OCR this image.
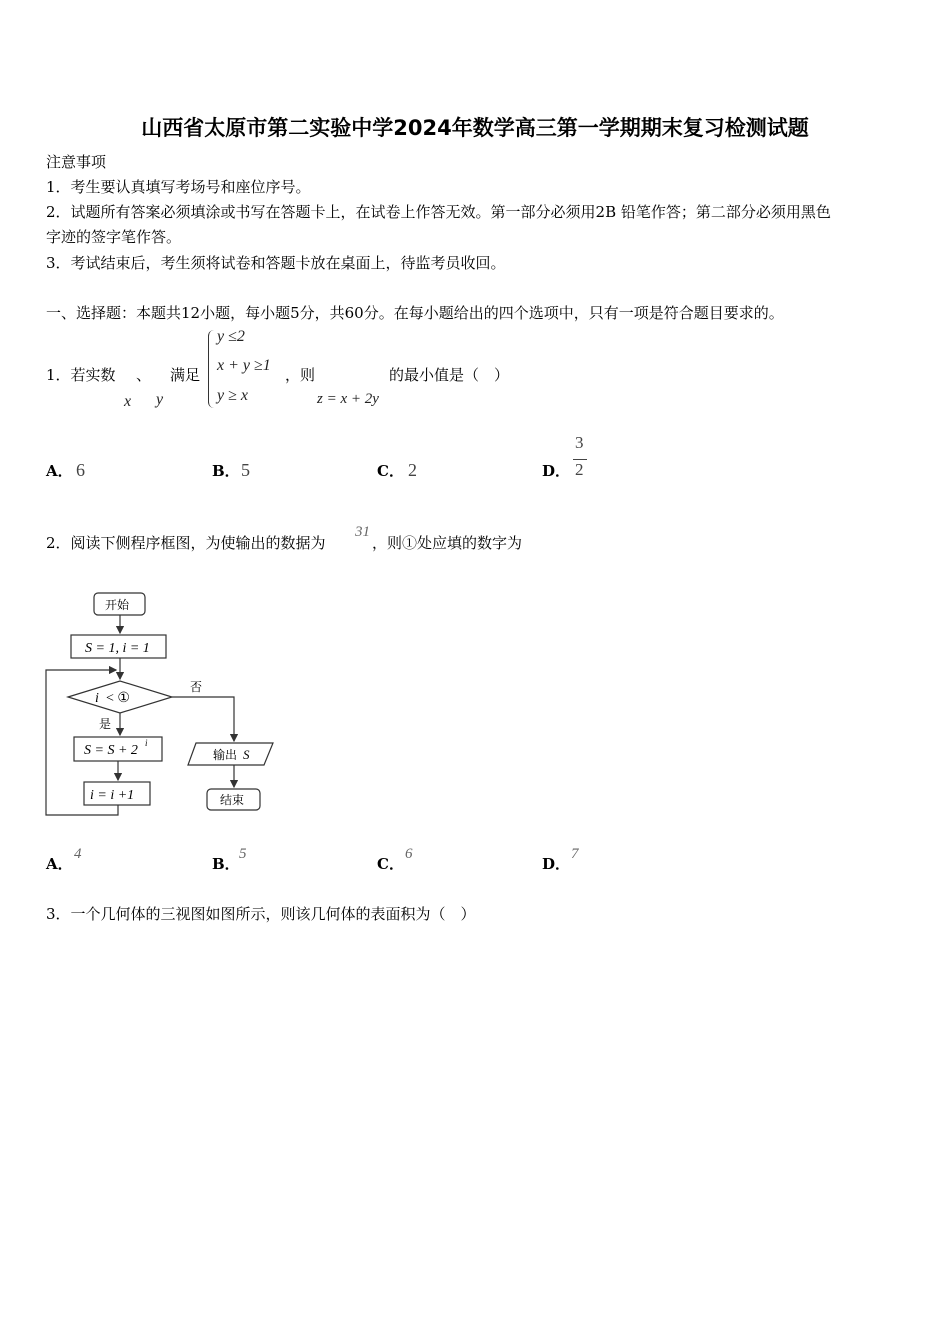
山西省太原市第二实验中学2024年数学高三第一学期期末复习检测试题
注意事项
1．考生要认真填写考场号和座位序号。
2．试题所有答案必须填涂或书写在答题卡上，在试卷上作答无效。第一部分必须用2B 铅笔作答；第二部分必须用黑色
字迹的签字笔作答。
3．考试结束后，考生须将试卷和答题卡放在桌面上，待监考员收回。
一、选择题：本题共12小题，每小题5分，共60分。在每小题给出的四个选项中，只有一项是符合题目要求的。
1．若实数 、 满足
x y
y ≤2
x + y ≥1
y ≥ x
，则
z = x + 2y
的最小值是（　）
A． 6	B． 5	C． 2	D．
3
2
2．阅读下侧程序框图，为使输出的数据为
31
，则①处应填的数字为
开始
S = 1, i = 1
i < ①
否
是
S = S + 2 i
i = i +1
输出 S
结束
A．
4
B．
5
C．
6
D．
7
3．一个几何体的三视图如图所示，则该几何体的表面积为（　）
